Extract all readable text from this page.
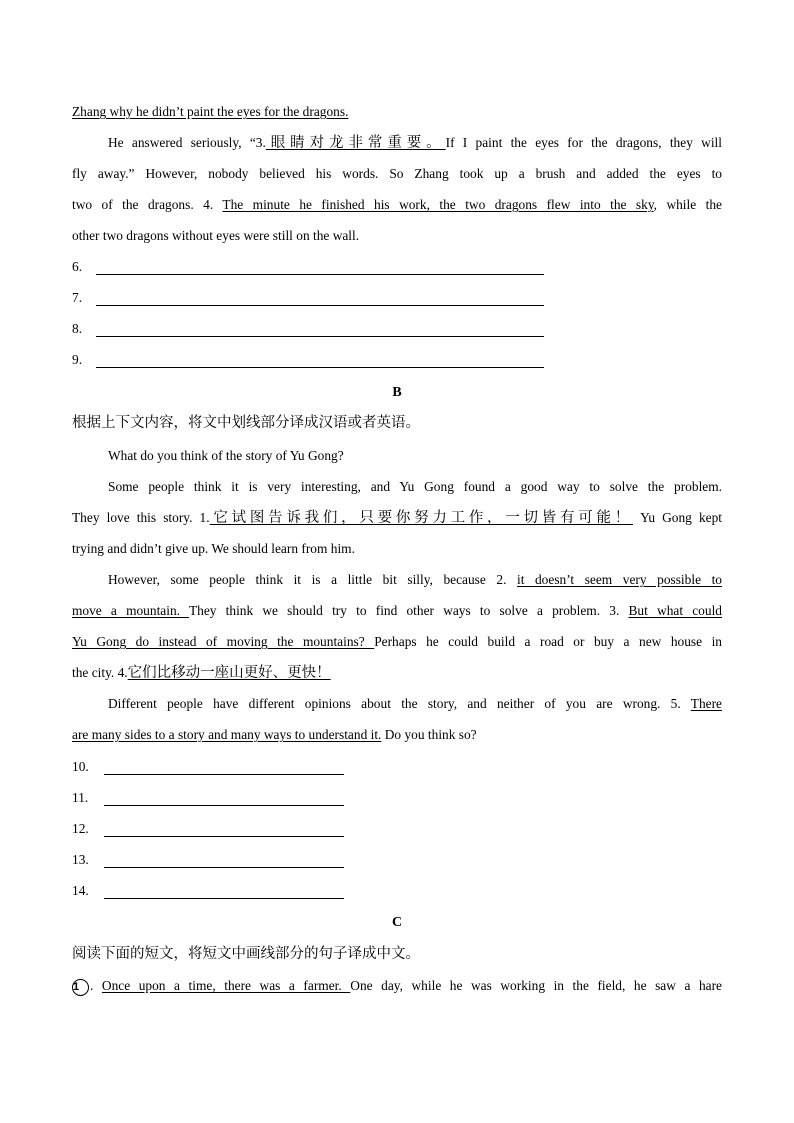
Zhang why he didn’t paint the eyes for the dragons.
He answered seriously, “3.眼睛对龙非常重要。If I paint the eyes for the dragons, they will
fly away.” However, nobody believed his words. So Zhang took up a brush and added the eyes to
two of the dragons. 4. The minute he finished his work, the two dragons flew into the sky, while the
other two dragons without eyes were still on the wall.
6.
7.
8.
9.
B
根据上下文内容，将文中划线部分译成汉语或者英语。
What do you think of the story of Yu Gong?
Some people think it is very interesting, and Yu Gong found a good way to solve the problem.
They love this story. 1.它试图告诉我们，只要你努力工作，一切皆有可能！ Yu Gong kept
trying and didn’t give up. We should learn from him.
However, some people think it is a little bit silly, because 2. it doesn’t seem very possible to
move a mountain. They think we should try to find other ways to solve a problem. 3. But what could
Yu Gong do instead of moving the mountains? Perhaps he could build a road or buy a new house in
the city. 4.它们比移动一座山更好、更快！
Different people have different opinions about the story, and neither of you are wrong. 5. There
are many sides to a story and many ways to understand it. Do you think so?
10.
11.
12.
13.
14.
C
阅读下面的短文，将短文中画线部分的句子译成中文。
1 . Once upon a time, there was a farmer. One day, while he was working in the field, he saw a hare
